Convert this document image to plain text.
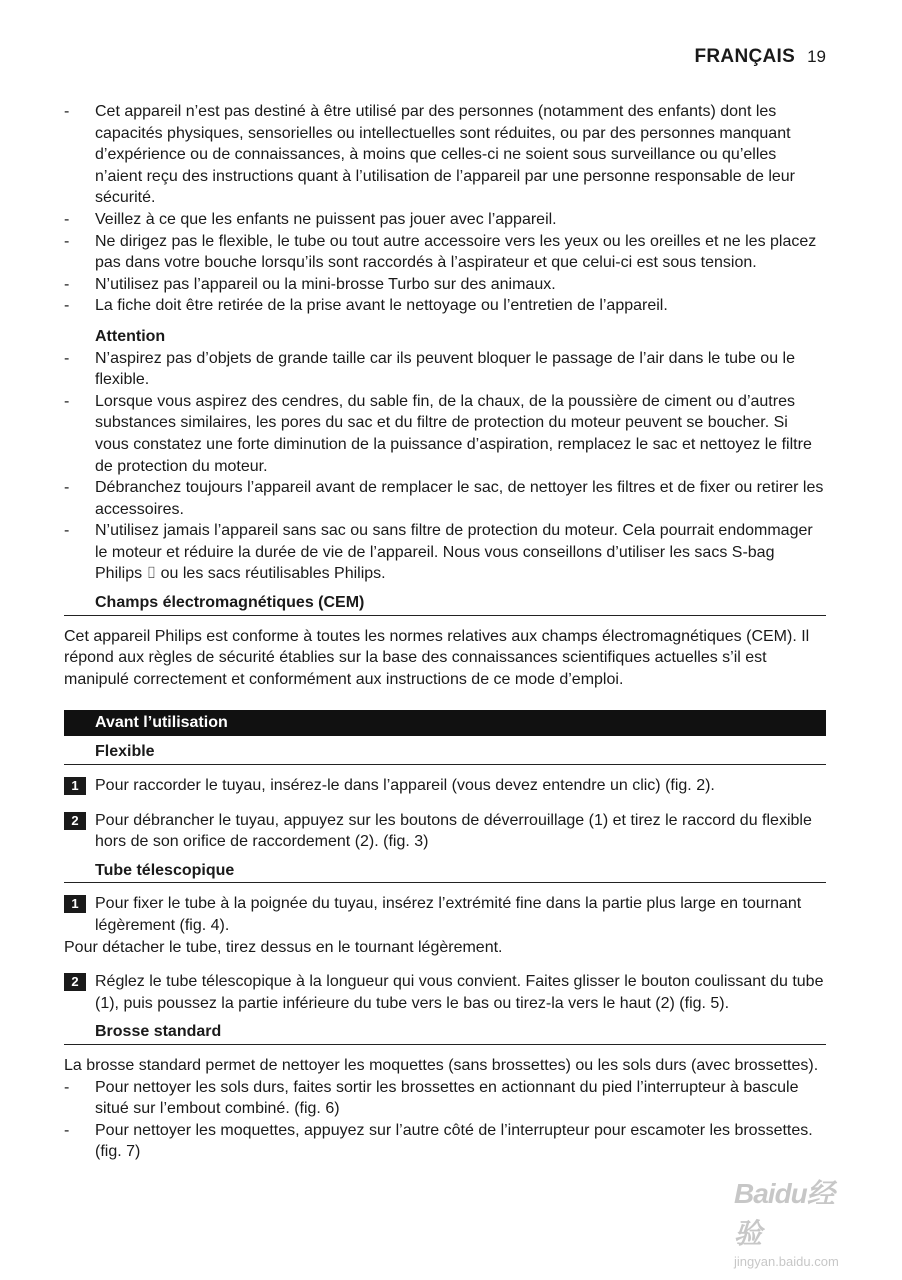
FRANÇAIS 19
- Cet appareil n’est pas destiné à être utilisé par des personnes (notamment des enfants) dont les capacités physiques, sensorielles ou intellectuelles sont réduites, ou par des personnes manquant d’expérience ou de connaissances, à moins que celles-ci ne soient sous surveillance ou qu’elles n’aient reçu des instructions quant à l’utilisation de l’appareil par une personne responsable de leur sécurité.
- Veillez à ce que les enfants ne puissent pas jouer avec l’appareil.
- Ne dirigez pas le flexible, le tube ou tout autre accessoire vers les yeux ou les oreilles et ne les placez pas dans votre bouche lorsqu’ils sont raccordés à l’aspirateur et que celui-ci est sous tension.
- N’utilisez pas l’appareil ou la mini-brosse Turbo sur des animaux.
- La fiche doit être retirée de la prise avant le nettoyage ou l’entretien de l’appareil.
Attention
- N’aspirez pas d’objets de grande taille car ils peuvent bloquer le passage de l’air dans le tube ou le flexible.
- Lorsque vous aspirez des cendres, du sable fin, de la chaux, de la poussière de ciment ou d’autres substances similaires, les pores du sac et du filtre de protection du moteur peuvent se boucher. Si vous constatez une forte diminution de la puissance d’aspiration, remplacez le sac et nettoyez le filtre de protection du moteur.
- Débranchez toujours l’appareil avant de remplacer le sac, de nettoyer les filtres et de fixer ou retirer les accessoires.
- N’utilisez jamais l’appareil sans sac ou sans filtre de protection du moteur. Cela pourrait endommager le moteur et réduire la durée de vie de l’appareil. Nous vous conseillons d’utiliser les sacs S-bag Philips ⌷ ou les sacs réutilisables Philips.
Champs électromagnétiques (CEM)

Cet appareil Philips est conforme à toutes les normes relatives aux champs électromagnétiques (CEM). Il répond aux règles de sécurité établies sur la base des connaissances scientifiques actuelles s’il est manipulé correctement et conformément aux instructions de ce mode d’emploi.

Avant l’utilisation
Flexible
1	Pour raccorder le tuyau, insérez-le dans l’appareil (vous devez entendre un clic) (fig. 2).
2	Pour débrancher le tuyau, appuyez sur les boutons de déverrouillage (1) et tirez le raccord du flexible hors de son orifice de raccordement (2). (fig. 3)
Tube télescopique
1	Pour fixer le tube à la poignée du tuyau, insérez l’extrémité fine dans la partie plus large en tournant légèrement (fig. 4).

Pour détacher le tube, tirez dessus en le tournant légèrement.

2	Réglez le tube télescopique à la longueur qui vous convient. Faites glisser le bouton coulissant du tube (1), puis poussez la partie inférieure du tube vers le bas ou tirez-la vers le haut (2) (fig. 5).
Brosse standard

La brosse standard permet de nettoyer les moquettes (sans brossettes) ou les sols durs (avec brossettes).

- Pour nettoyer les sols durs, faites sortir les brossettes en actionnant du pied l’interrupteur à bascule situé sur l’embout combiné. (fig. 6)
- Pour nettoyer les moquettes, appuyez sur l’autre côté de l’interrupteur pour escamoter les brossettes. (fig. 7)
Baidu经验
jingyan.baidu.com
